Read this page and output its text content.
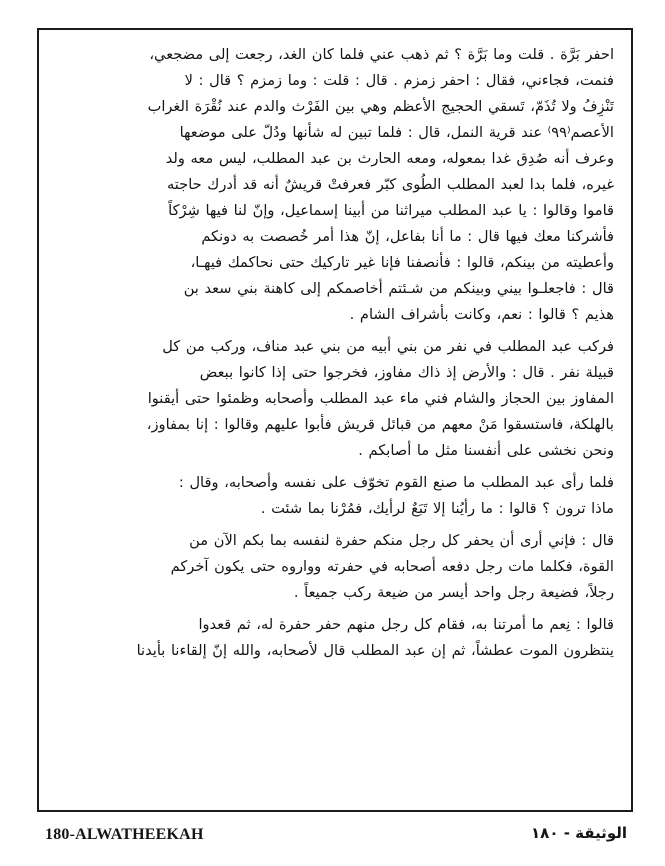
احفر بَرَّة . قلت وما بَرَّة ؟ ثم ذهب عني فلما كان الغد، رجعت إلى مضجعي،
فنمت، فجاءني، فقال : احفر زمزم . قال : قلت : وما زمزم ؟ قال : لا
تَنْزِفُ ولا تُذَمّ، تَسقي الحجيج الأعظم وهي بين الفَرْث والدم عند نُقْرَة الغراب
الأعصم⁽٩٩⁾ عند قرية النمل، قال : فلما تبين له شأنها ودُلّ على موضعها
وعرف أنه صُدِق غدا بمعوله، ومعه الحارث بن عبد المطلب، ليس معه ولد
غيره، فلما بدا لعبد المطلب الطُوى كبّر فعرفتْ قريشٌ أنه قد أدرك حاجته
قاموا وقالوا : يا عبد المطلب ميراثنا من أبينا إسماعيل، وإنّ لنا فيها شِرْكاً
فأشركنا معك فيها قال : ما أنا بفاعل، إنّ هذا أمر خُصصت به دونكم
وأعطيته من بينكم، قالوا : فأنصفنا فإنا غير تاركيك حتى نحاكمك فيهـا،
قال : فاجعلـوا بيني وبينكم من شـئتم أخاصمكم إلى كاهنة بني سعد بن
هذيم ؟ قالوا : نعم، وكانت بأشراف الشام .
فركب عبد المطلب في نفر من بني أبيه من بني عبد مناف، وركب من كل
قبيلة نفر . قال : والأرض إذ ذاك مفاوز، فخرجوا حتى إذا كانوا ببعض
المفاوز بين الحجاز والشام فني ماء عبد المطلب وأصحابه وظمئوا حتى أيقنوا
بالهلكة، فاستسقوا مَنْ معهم من قبائل قريش فأبوا عليهم وقالوا : إنا بمفاوز،
ونحن نخشى على أنفسنا مثل ما أصابكم .
فلما رأى عبد المطلب ما صنع القوم تخوّف على نفسه وأصحابه، وقال :
ماذا ترون ؟ قالوا : ما رأيُنا إلا تَبَعٌ لرأيك، فمُرْنا بما شئت .
قال : فإني أرى أن يحفر كل رجل منكم حفرة لنفسه بما بكم الآن من
القوة، فكلما مات رجل دفعه أصحابه في حفرته وواروه حتى يكون آخركم
رجلاً، فضيعة رجل واحد أيسر من ضيعة ركب جميعاً .
قالوا : نِعم ما أمرتنا به، فقام كل رجل منهم حفر حفرة له، ثم قعدوا
ينتظرون الموت عطشاً، ثم إن عبد المطلب قال لأصحابه، والله إنّ إلقاءنا بأيدنا
180-ALWATHEEKAH	الوثيقة - ١٨٠
